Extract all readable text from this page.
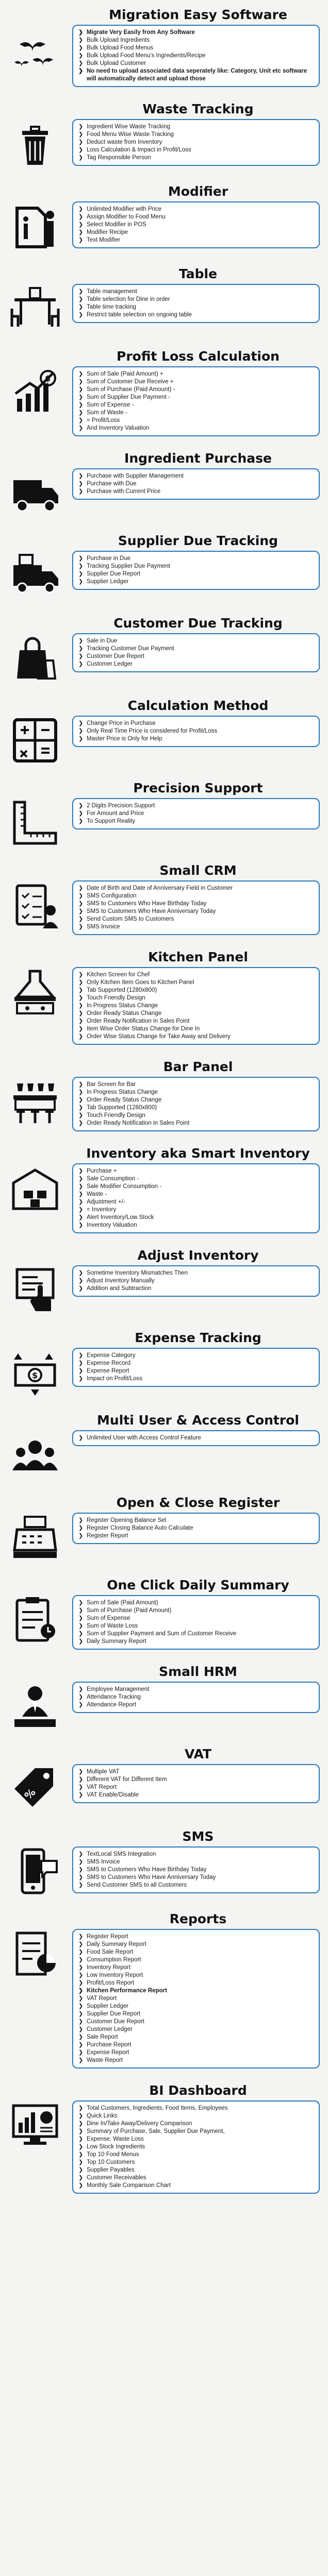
Migration Easy Software
❯ Migrate Very Easily from Any Software
❯ Bulk Upload Ingredients
❯ Bulk Upload Food Menus
❯ Bulk Upload Food Menu's Ingredients/Recipe
❯ Bulk Upload Customer
❯ No need to upload associated data seperately like: Category, Unit etc software will automatically detect and upload those
Waste Tracking
❯ Ingredient Wise Waste Tracking
❯ Food Menu Wise Waste Tracking
❯ Deduct waste from Inventory
❯ Loss Calculation & Impact in Profit/Loss
❯ Tag Responsible Person
Modifier
❯ Unlimited Modifier with Price
❯ Assign Modifier to Food Menu
❯ Select Modifier in POS
❯ Modifier Recipe
❯ Text Modifier
Table
❯ Table management
❯ Table selection for Dine in order
❯ Table time tracking
❯ Restrict table selection on ongoing table
$
Profit Loss Calculation
❯ Sum of Sale (Paid Amount) +
❯ Sum of Customer Due Receive +
❯ Sum of Purchase (Paid Amount) -
❯ Sum of Supplier Due Payment -
❯ Sum of Expense -
❯ Sum of Waste -
❯ = Profit/Loss
❯ And Inventory Valuation
Ingredient Purchase
❯ Purchase with Supplier Management
❯ Purchase with Due
❯ Purchase with Current Price
Supplier Due Tracking
❯ Purchase in Due
❯ Tracking Supplier Due Payment
❯ Supplier Due Report
❯ Supplier Ledger
Customer Due Tracking
❯ Sale in Due
❯ Tracking Customer Due Payment
❯ Customer Due Report
❯ Customer Ledger
Calculation Method
❯ Change Price in Purchase
❯ Only Real Time Price is considered for Profit/Loss
❯ Master Price is Only for Help
Precision Support
❯ 2 Digits Precision Support
❯ For Amount and Price
❯ To Support Reality
Small CRM
❯ Date of Birth and Date of Anniversary Field in Customer
❯ SMS Configuration
❯ SMS to Customers Who Have Birthday Today
❯ SMS to Customers Who Have Anniversary Today
❯ Send Custom SMS to Customers
❯ SMS Invoice
Kitchen Panel
❯ Kitchen Screen for Chef
❯ Only Kitchen Item Goes to Kitchen Panel
❯ Tab Supported (1280x800)
❯ Touch Friendly Design
❯ In Progress Status Change
❯ Order Ready Status Change
❯ Order Ready Notification in Sales Point
❯ Item Wise Order Status Change for Dine In
❯ Order Wise Status Change for Take Away and Delivery
Bar Panel
❯ Bar Screen for Bar
❯ In Progress Status Change
❯ Order Ready Status Change
❯ Tab Supported (1280x800)
❯ Touch Friendly Design
❯ Order Ready Notification in Sales Point
Inventory aka Smart Inventory
❯ Purchase +
❯ Sale Consumption -
❯ Sale Modifier Consumption -
❯ Waste -
❯ Adjustment +/-
❯ = Inventory
❯ Alert Inventory/Low Stock
❯ Inventory Valuation
Adjust Inventory
❯ Sometime Inventory Mismatches Then
❯ Adjust Inventory Manually
❯ Addition and Subtraction
$
Expense Tracking
❯ Expense Category
❯ Expense Record
❯ Expense Report
❯ Impact on Profit/Loss
Multi User & Access Control
❯ Unlimited User with Access Control Feature
Open & Close Register
❯ Register Opening Balance Set
❯ Register Closing Balance Auto Calculate
❯ Register Report
One Click Daily Summary
❯ Sum of Sale (Paid Amount)
❯ Sum of Purchase (Paid Amount)
❯ Sum of Expense
❯ Sum of Waste Loss
❯ Sum of Supplier Payment and Sum of Customer Receive
❯ Daily Summary Report
Small HRM
❯ Employee Management
❯ Attendance Tracking
❯ Attendance Report
%
VAT
❯ Multiple VAT
❯ Different VAT for Different Item
❯ VAT Report
❯ VAT Enable/Disable
SMS
❯ TextLocal SMS Integration
❯ SMS Invoice
❯ SMS to Customers Who Have Birthday Today
❯ SMS to Customers Who Have Anniversary Today
❯ Send Customer SMS to all Customers
Reports
❯ Register Report
❯ Daily Summary Report
❯ Food Sale Report
❯ Consumption Report
❯ Inventory Report
❯ Low Inventory Report
❯ Profit/Loss Report
❯ Kitchen Performance Report
❯ VAT Report
❯ Supplier Ledger
❯ Supplier Due Report
❯ Customer Due Report
❯ Customer Ledger
❯ Sale Report
❯ Purchase Report
❯ Expense Report
❯ Waste Report
BI Dashboard
❯ Total Customers, Ingredients, Food Items, Employees
❯ Quick Links
❯ Dine In/Take Away/Delivery Comparison
❯ Summary of Purchase, Sale, Supplier Due Payment,
❯ Expense, Waste Loss
❯ Low Stock Ingredients
❯ Top 10 Food Menus
❯ Top 10 Customers
❯ Supplier Payables
❯ Customer Receivables
❯ Monthly Sale Comparison Chart
